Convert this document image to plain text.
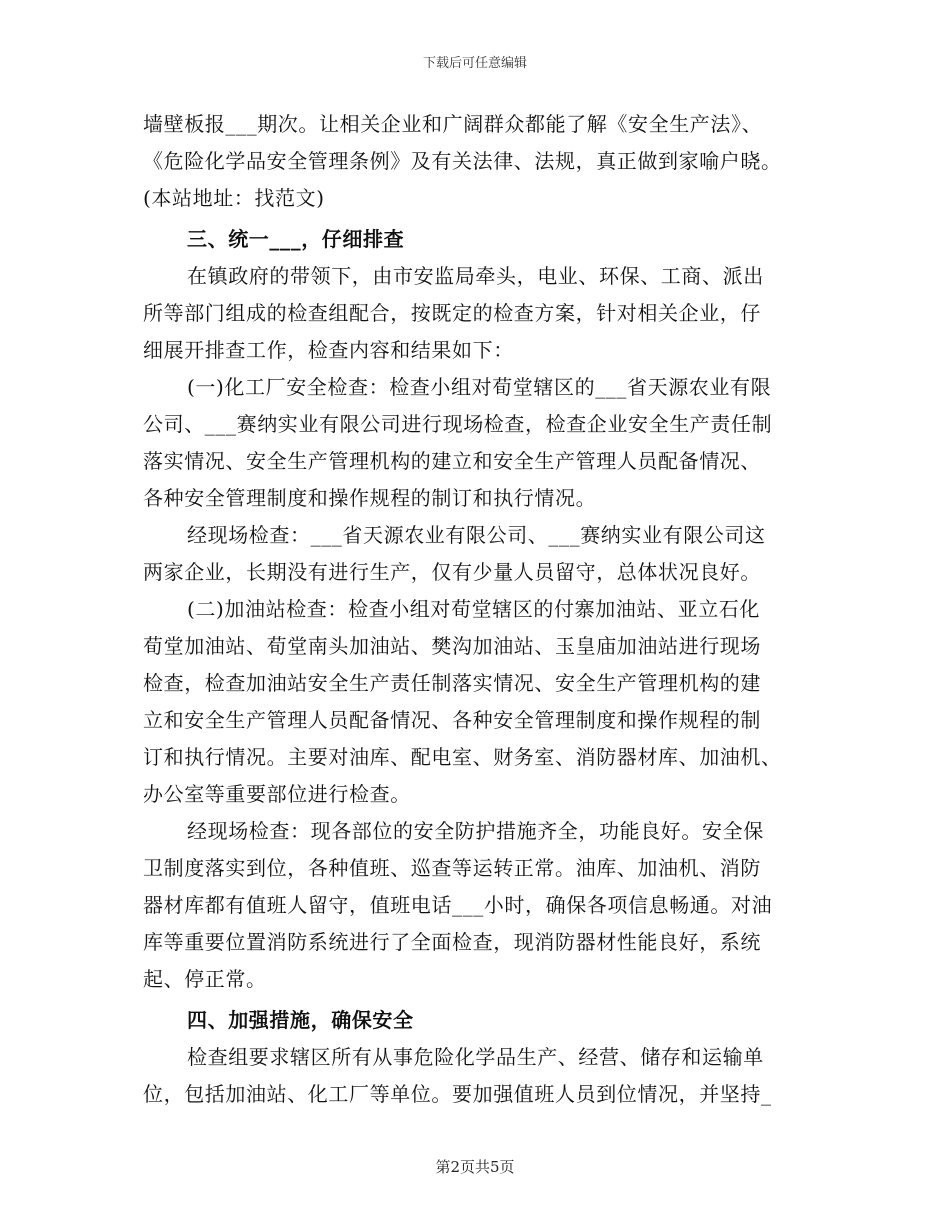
下载后可任意编辑
墙壁板报___期次。让相关企业和广阔群众都能了解《安全生产法》、
《危险化学品安全管理条例》及有关法律、法规，真正做到家喻户晓。
(本站地址：找范文)
三、统一___，仔细排查
在镇政府的带领下，由市安监局牵头，电业、环保、工商、派出
所等部门组成的检查组配合，按既定的检查方案，针对相关企业，仔
细展开排查工作，检查内容和结果如下：
(一)化工厂安全检查：检查小组对荀堂辖区的___省天源农业有限
公司、___赛纳实业有限公司进行现场检查，检查企业安全生产责任制
落实情况、安全生产管理机构的建立和安全生产管理人员配备情况、
各种安全管理制度和操作规程的制订和执行情况。
经现场检查：___省天源农业有限公司、___赛纳实业有限公司这
两家企业，长期没有进行生产，仅有少量人员留守，总体状况良好。
(二)加油站检查：检查小组对荀堂辖区的付寨加油站、亚立石化
荀堂加油站、荀堂南头加油站、樊沟加油站、玉皇庙加油站进行现场
检查，检查加油站安全生产责任制落实情况、安全生产管理机构的建
立和安全生产管理人员配备情况、各种安全管理制度和操作规程的制
订和执行情况。主要对油库、配电室、财务室、消防器材库、加油机、
办公室等重要部位进行检查。
经现场检查：现各部位的安全防护措施齐全，功能良好。安全保
卫制度落实到位，各种值班、巡查等运转正常。油库、加油机、消防
器材库都有值班人留守，值班电话___小时，确保各项信息畅通。对油
库等重要位置消防系统进行了全面检查，现消防器材性能良好，系统
起、停正常。
四、加强措施，确保安全
检查组要求辖区所有从事危险化学品生产、经营、储存和运输单
位，包括加油站、化工厂等单位。要加强值班人员到位情况，并坚持_
第2页共5页
